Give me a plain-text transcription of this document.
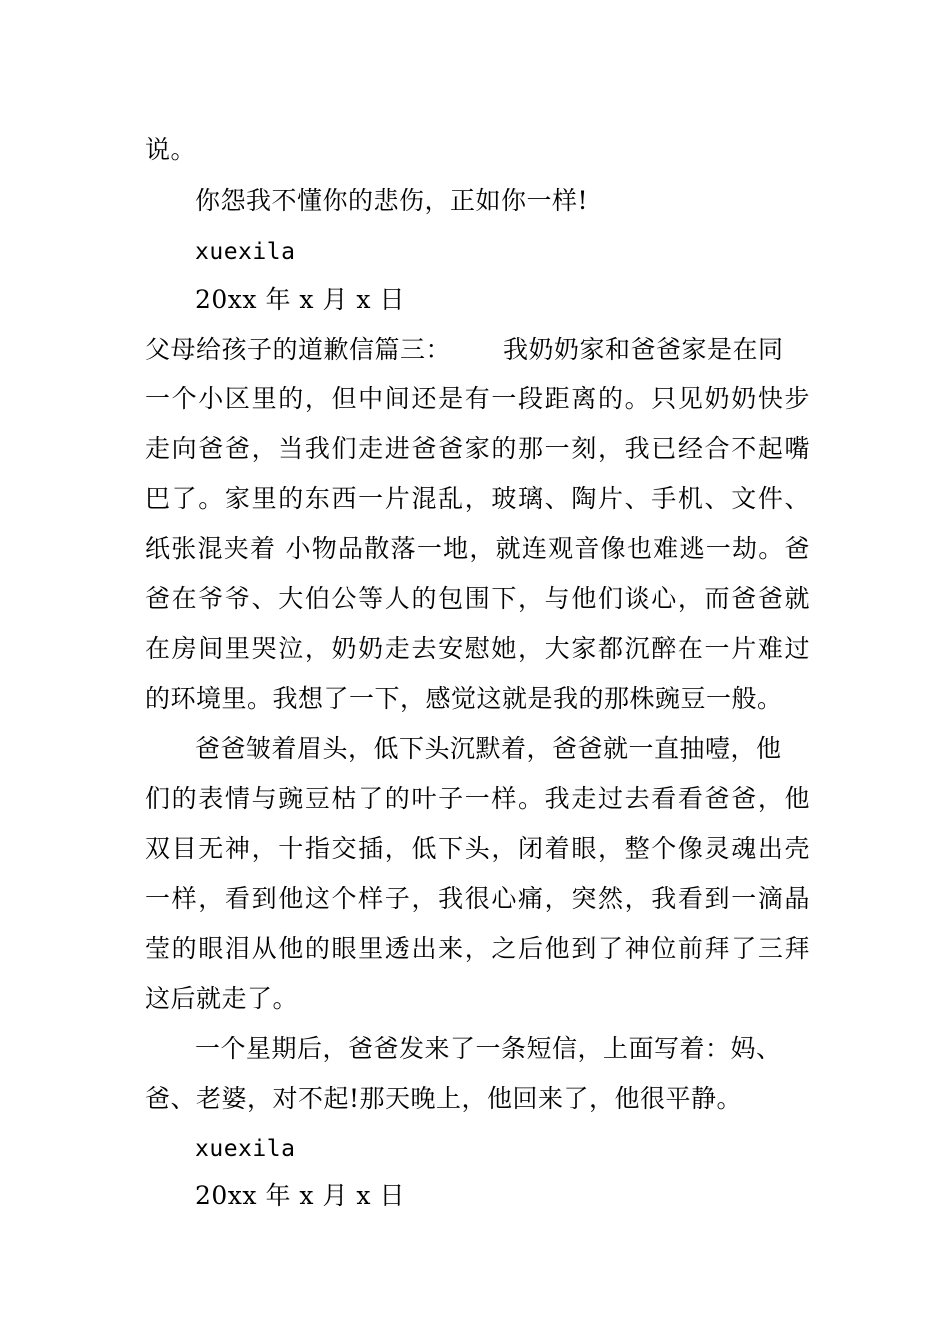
说。
你怨我不懂你的悲伤，正如你一样!
xuexila
20xx 年 x 月 x 日
父母给孩子的道歉信篇三： 我奶奶家和爸爸家是在同
一个小区里的，但中间还是有一段距离的。只见奶奶快步
走向爸爸，当我们走进爸爸家的那一刻，我已经合不起嘴
巴了。家里的东西一片混乱，玻璃、陶片、手机、文件、
纸张混夹着 小物品散落一地，就连观音像也难逃一劫。爸
爸在爷爷、大伯公等人的包围下，与他们谈心，而爸爸就
在房间里哭泣，奶奶走去安慰她，大家都沉醉在一片难过
的环境里。我想了一下，感觉这就是我的那株豌豆一般。
爸爸皱着眉头，低下头沉默着，爸爸就一直抽噎，他
们的表情与豌豆枯了的叶子一样。我走过去看看爸爸，他
双目无神，十指交插，低下头，闭着眼，整个像灵魂出壳
一样，看到他这个样子，我很心痛，突然，我看到一滴晶
莹的眼泪从他的眼里透出来，之后他到了神位前拜了三拜
这后就走了。
一个星期后，爸爸发来了一条短信，上面写着：妈、
爸、老婆，对不起!那天晚上，他回来了，他很平静。
xuexila
20xx 年 x 月 x 日
